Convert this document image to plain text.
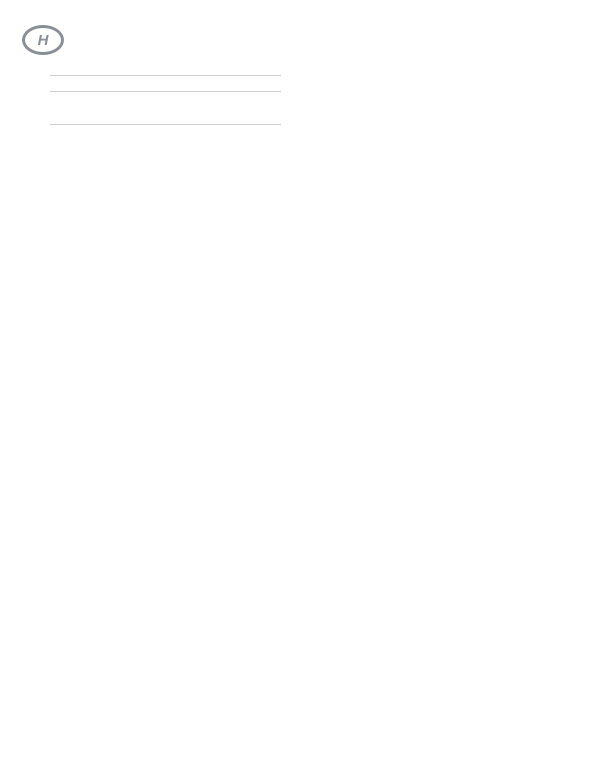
H
